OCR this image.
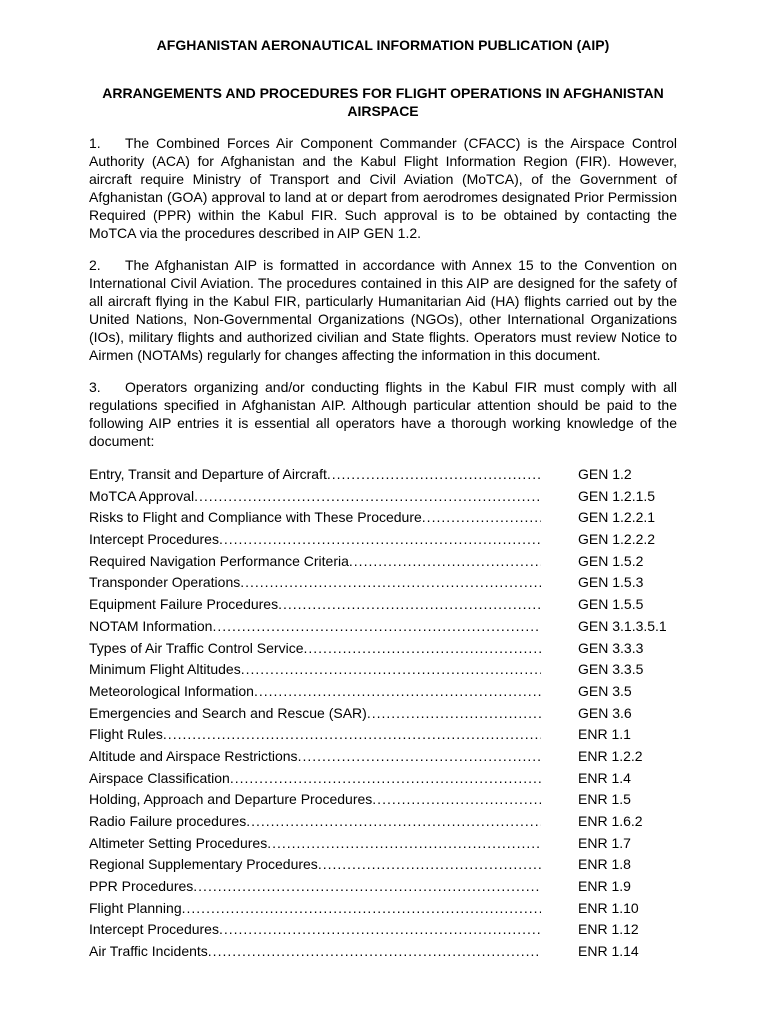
AFGHANISTAN AERONAUTICAL INFORMATION PUBLICATION (AIP)
ARRANGEMENTS AND PROCEDURES FOR FLIGHT OPERATIONS IN AFGHANISTAN AIRSPACE

1. The Combined Forces Air Component Commander (CFACC) is the Airspace Control Authority (ACA) for Afghanistan and the Kabul Flight Information Region (FIR). However, aircraft require Ministry of Transport and Civil Aviation (MoTCA), of the Government of Afghanistan (GOA) approval to land at or depart from aerodromes designated Prior Permission Required (PPR) within the Kabul FIR. Such approval is to be obtained by contacting the MoTCA via the procedures described in AIP GEN 1.2.

2. The Afghanistan AIP is formatted in accordance with Annex 15 to the Convention on International Civil Aviation. The procedures contained in this AIP are designed for the safety of all aircraft flying in the Kabul FIR, particularly Humanitarian Aid (HA) flights carried out by the United Nations, Non-Governmental Organizations (NGOs), other International Organizations (IOs), military flights and authorized civilian and State flights. Operators must review Notice to Airmen (NOTAMs) regularly for changes affecting the information in this document.

3. Operators organizing and/or conducting flights in the Kabul FIR must comply with all regulations specified in Afghanistan AIP. Although particular attention should be paid to the following AIP entries it is essential all operators have a thorough working knowledge of the document:

Entry, Transit and Departure of Aircraft .....	GEN 1.2
MoTCA Approval .....	GEN 1.2.1.5
Risks to Flight and Compliance with These Procedure .....	GEN 1.2.2.1
Intercept Procedures .....	GEN 1.2.2.2
Required Navigation Performance Criteria .....	GEN 1.5.2
Transponder Operations .....	GEN 1.5.3
Equipment Failure Procedures .....	GEN 1.5.5
NOTAM Information .....	GEN 3.1.3.5.1
Types of Air Traffic Control Service .....	GEN 3.3.3
Minimum Flight Altitudes .....	GEN 3.3.5
Meteorological Information .....	GEN 3.5
Emergencies and Search and Rescue (SAR) .....	GEN 3.6
Flight Rules .....	ENR 1.1
Altitude and Airspace Restrictions .....	ENR 1.2.2
Airspace Classification .....	ENR 1.4
Holding, Approach and Departure Procedures .....	ENR 1.5
Radio Failure procedures .....	ENR 1.6.2
Altimeter Setting Procedures .....	ENR 1.7
Regional Supplementary Procedures .....	ENR 1.8
PPR Procedures .....	ENR 1.9
Flight Planning .....	ENR 1.10
Intercept Procedures .....	ENR 1.12
Air Traffic Incidents .....	ENR 1.14
